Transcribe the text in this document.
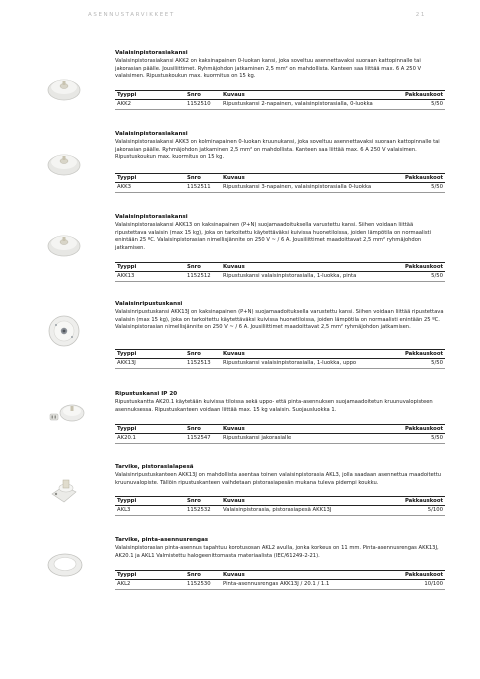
ASENNUSTARVIKKEET	21
Valaisinpistorasiakansi
Valaisinpistorasiakansi AKK2 on kaksinapainen 0-luokan kansi, joka soveltuu asennettavaksi suoraan kattopinnalle tai jakorasian päälle. Jousiliittimet. Ryhmäjohdon jatkaminen 2,5 mm² on mahdollista. Kanteen saa liittää max. 6 A 250 V valaisimen. Ripustuskoukun max. kuormitus on 15 kg.
Tyyppi	Snro	Kuvaus	Pakkauskoot
AKK2	1152510	Ripustuskansi 2-napainen, valaisinpistorasialla, 0-luokka	5/50
Valaisinpistorasiakansi
Valaisinpistorasiakansi AKK3 on kolminapainen 0-luokan kruunukansi, joka soveltuu asennettavaksi suoraan kattopinnalle tai jakorasian päälle. Ryhmäjohdon jatkaminen 2,5 mm² on mahdollista. Kanteen saa liittää max. 6 A 250 V valaisimen. Ripustuskoukun max. kuormitus on 15 kg.
Tyyppi	Snro	Kuvaus	Pakkauskoot
AKK3	1152511	Ripustuskansi 3-napainen, valaisinpistorasialla 0-luokka	5/50
Valaisinpistorasiakansi
Valaisinpistorasiakansi AKK13 on kaksinapainen (P+N) suojamaadoituksella varustettu kansi. Siihen voidaan liittää ripustettava valaisin (max 15 kg), joka on tarkoitettu käytettäväksi kuivissa huonetiloissa, joiden lämpötila on normaalisti enintään 25 ºC. Valaisinpistorasian nimellisjännite on 250 V ~ / 6 A. Jousiliittimet maadoittavat 2,5 mm² ryhmäjohdon jatkamisen.
Tyyppi	Snro	Kuvaus	Pakkauskoot
AKK13	1152512	Ripustuskansi valaisinpistorasialla, 1-luokka, pinta	5/50
Valaisinripustuskansi
Valaisinripustuskansi AKK13J on kaksinapainen (P+N) suojamaadoituksella varustettu kansi. Siihen voidaan liittää ripustettava valaisin (max 15 kg), joka on tarkoitettu käytettäväksi kuivissa huonetiloissa, joiden lämpötila on normaalisti enintään 25 ºC. Valaisinpistorasian nimellisjännite on 250 V ~ / 6 A. Jousiliittimet maadoittavat 2,5 mm² ryhmäjohdon jatkamisen.
Tyyppi	Snro	Kuvaus	Pakkauskoot
AKK13J	1152513	Ripustuskansi valaisinpistorasialla, 1-luokka, uppo	5/50
Ripustuskansi IP 20
Ripustuskantta AK20.1 käytetään kuivissa tiloissa sekä uppo- että pinta-asennuksen suojamaadoitetun kruunuvalopisteen asennuksessa. Ripustuskanteen voidaan liittää max. 15 kg valaisin. Suojausluokka 1.
Tyyppi	Snro	Kuvaus	Pakkauskoot
AK20.1	1152547	Ripustuskansi jakorasialle	5/50
Tarvike, pistorasialapesä
Valaisinripustuskanteen AKK13J on mahdollista asentaa toinen valaisinpistorasia AKL3, jolla saadaan asennettua maadoitettu kruunuvalopiste. Tällöin ripustuskanteen vaihdetaan pistorasiapesän mukana tuleva pidempi koukku.
Tyyppi	Snro	Kuvaus	Pakkauskoot
AKL3	1152532	Valaisinpistorasia, pistorasiapesä AKK13J	5/100
Tarvike, pinta-asennusrengas
Valaisinpistorasian pinta-asennus tapahtuu korotusosan AKL2 avulla, jonka korkeus on 11 mm. Pinta-asennusrengas AKK13J, AK20.1 ja AKL1 Valmistettu halogeenittomasta materiaalista (IEC/61249-2-21).
Tyyppi	Snro	Kuvaus	Pakkauskoot
AKL2	1152530	Pinta-asennusrengas AKK13J / 20.1 / 1.1	10/100
